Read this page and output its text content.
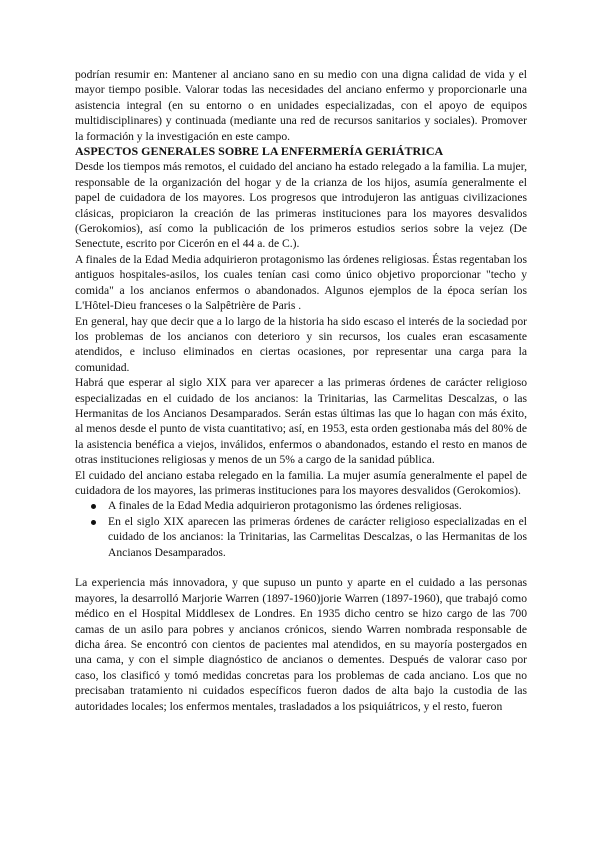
podrían resumir en: Mantener al anciano sano en su medio con una digna calidad de vida y el mayor tiempo posible. Valorar todas las necesidades del anciano enfermo y proporcionarle una asistencia integral (en su entorno o en unidades especializadas, con el apoyo de equipos multidisciplinares) y continuada (mediante una red de recursos sanitarios y sociales). Promover la formación y la investigación en este campo.

ASPECTOS GENERALES SOBRE LA ENFERMERÍA GERIÁTRICA

Desde los tiempos más remotos, el cuidado del anciano ha estado relegado a la familia. La mujer, responsable de la organización del hogar y de la crianza de los hijos, asumía generalmente el papel de cuidadora de los mayores. Los progresos que introdujeron las antiguas civilizaciones clásicas, propiciaron la creación de las primeras instituciones para los mayores desvalidos (Gerokomios), así como la publicación de los primeros estudios serios sobre la vejez (De Senectute, escrito por Cicerón en el 44 a. de C.).

A finales de la Edad Media adquirieron protagonismo las órdenes religiosas. Éstas regentaban los antiguos hospitales-asilos, los cuales tenían casi como único objetivo proporcionar "techo y comida" a los ancianos enfermos o abandonados. Algunos ejemplos de la época serían los L'Hôtel-Dieu franceses o la Salpêtrière de Paris .

En general, hay que decir que a lo largo de la historia ha sido escaso el interés de la sociedad por los problemas de los ancianos con deterioro y sin recursos, los cuales eran escasamente atendidos, e incluso eliminados en ciertas ocasiones, por representar una carga para la comunidad.

Habrá que esperar al siglo XIX para ver aparecer a las primeras órdenes de carácter religioso especializadas en el cuidado de los ancianos: la Trinitarias, las Carmelitas Descalzas, o las Hermanitas de los Ancianos Desamparados. Serán estas últimas las que lo hagan con más éxito, al menos desde el punto de vista cuantitativo; así, en 1953, esta orden gestionaba más del 80% de la asistencia benéfica a viejos, inválidos, enfermos o abandonados, estando el resto en manos de otras instituciones religiosas y menos de un 5% a cargo de la sanidad pública.

El cuidado del anciano estaba relegado en la familia. La mujer asumía generalmente el papel de cuidadora de los mayores, las primeras instituciones para los mayores desvalidos (Gerokomios).

A finales de la Edad Media adquirieron protagonismo las órdenes religiosas.
En el siglo XIX aparecen las primeras órdenes de carácter religioso especializadas en el cuidado de los ancianos: la Trinitarias, las Carmelitas Descalzas, o las Hermanitas de los Ancianos Desamparados.

La experiencia más innovadora, y que supuso un punto y aparte en el cuidado a las personas mayores, la desarrolló Marjorie Warren (1897-1960)jorie Warren (1897-1960), que trabajó como médico en el Hospital Middlesex de Londres. En 1935 dicho centro se hizo cargo de las 700 camas de un asilo para pobres y ancianos crónicos, siendo Warren nombrada responsable de dicha área. Se encontró con cientos de pacientes mal atendidos, en su mayoría postergados en una cama, y con el simple diagnóstico de ancianos o dementes. Después de valorar caso por caso, los clasificó y tomó medidas concretas para los problemas de cada anciano. Los que no precisaban tratamiento ni cuidados específicos fueron dados de alta bajo la custodia de las autoridades locales; los enfermos mentales, trasladados a los psiquiátricos, y el resto, fueron
